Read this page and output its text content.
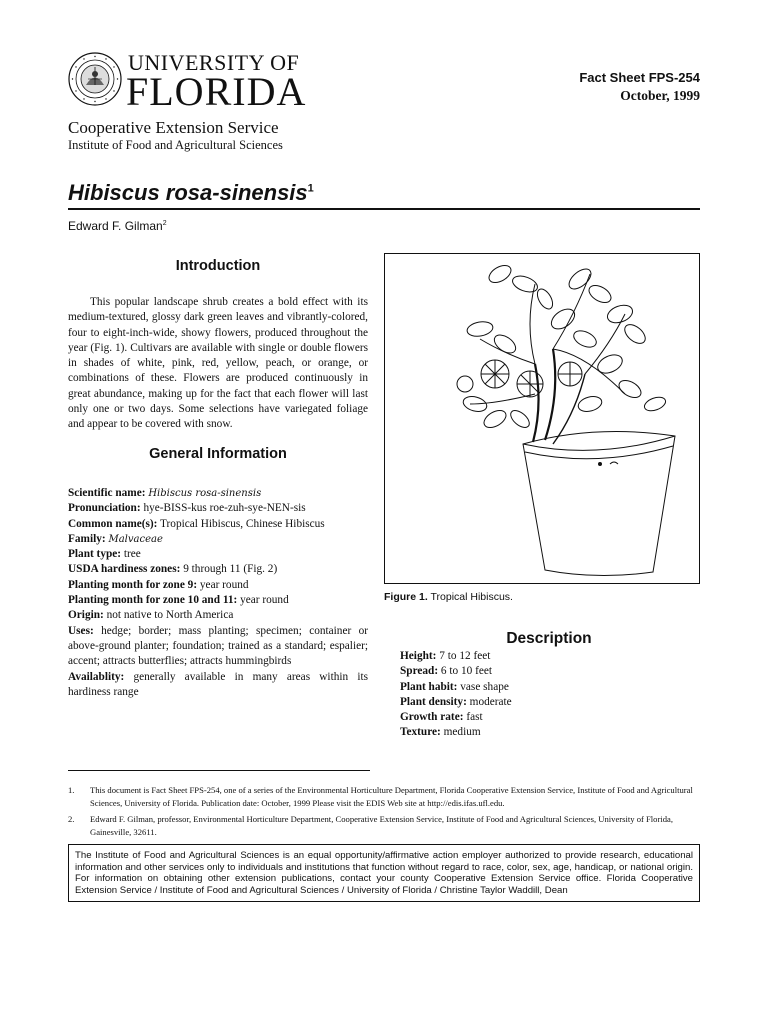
UNIVERSITY OF
FLORIDA
Cooperative Extension Service
Institute of Food and Agricultural Sciences
Fact Sheet FPS-254
October, 1999
Hibiscus rosa-sinensis$^1$
Edward F. Gilman$^2$
Introduction
This popular landscape shrub creates a bold effect with its medium-textured, glossy dark green leaves and vibrantly-colored, four to eight-inch-wide, showy flowers, produced throughout the year (Fig. 1). Cultivars are available with single or double flowers in shades of white, pink, red, yellow, peach, or orange, or combinations of these. Flowers are produced continuously in great abundance, making up for the fact that each flower will last only one or two days. Some selections have variegated foliage and appear to be covered with snow.
General Information
Scientific name: Hibiscus rosa-sinensis
Pronunciation: hye-BISS-kus roe-zuh-sye-NEN-sis
Common name(s): Tropical Hibiscus, Chinese Hibiscus
Family: Malvaceae
Plant type: tree
USDA hardiness zones: 9 through 11 (Fig. 2)
Planting month for zone 9: year round
Planting month for zone 10 and 11: year round
Origin: not native to North America
Uses: hedge; border; mass planting; specimen; container or above-ground planter; foundation; trained as a standard; espalier; accent; attracts butterflies; attracts hummingbirds
Availablity: generally available in many areas within its hardiness range
Figure 1. Tropical Hibiscus.
Description
Height: 7 to 12 feet
Spread: 6 to 10 feet
Plant habit: vase shape
Plant density: moderate
Growth rate: fast
Texture: medium
1. This document is Fact Sheet FPS-254, one of a series of the Environmental Horticulture Department, Florida Cooperative Extension Service, Institute of Food and Agricultural Sciences, University of Florida. Publication date: October, 1999 Please visit the EDIS Web site at http://edis.ifas.ufl.edu.
2. Edward F. Gilman, professor, Environmental Horticulture Department, Cooperative Extension Service, Institute of Food and Agricultural Sciences, University of Florida, Gainesville, 32611.
The Institute of Food and Agricultural Sciences is an equal opportunity/affirmative action employer authorized to provide research, educational information and other services only to individuals and institutions that function without regard to race, color, sex, age, handicap, or national origin. For information on obtaining other extension publications, contact your county Cooperative Extension Service office. Florida Cooperative Extension Service / Institute of Food and Agricultural Sciences / University of Florida / Christine Taylor Waddill, Dean
